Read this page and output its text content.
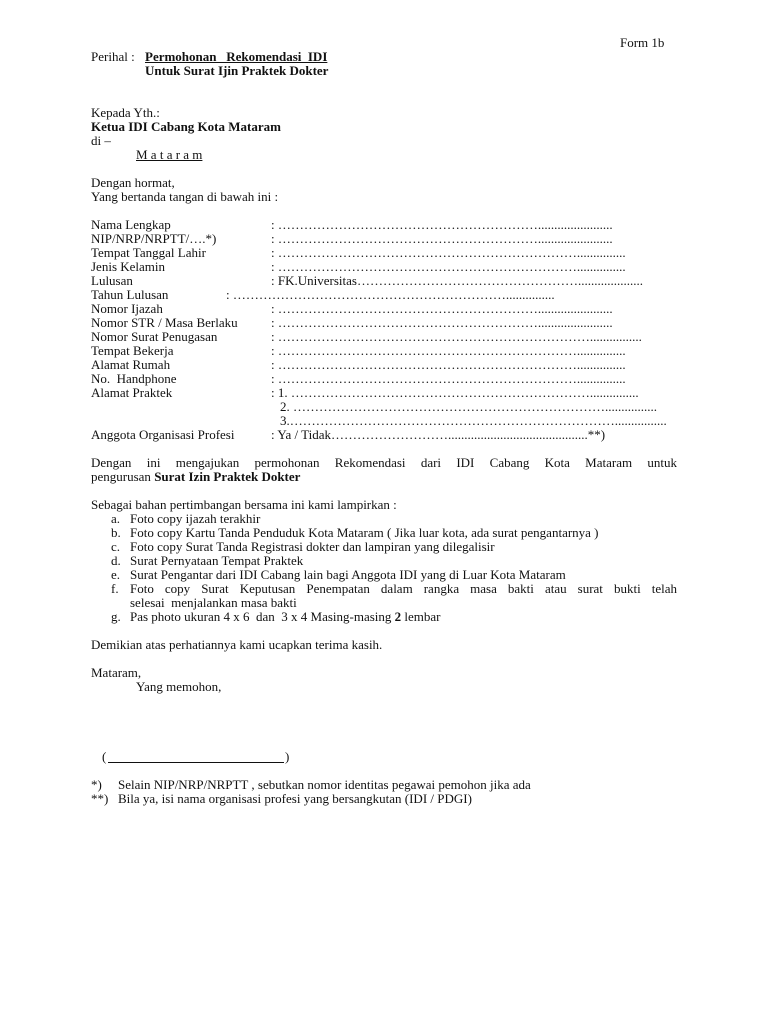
Form 1b
Perihal : Permohonan   Rekomendasi  IDI
Untuk Surat Ijin Praktek Dokter
Kepada Yth.:
Ketua IDI Cabang Kota Mataram
di –
M a t a r a m
Dengan hormat,
Yang bertanda tangan di bawah ini :
Nama Lengkap	: …………………………………………………….......................
NIP/NRP/NRPTT/….*)	: …………………………………………………….......................
Tempat Tanggal Lahir	: ……………………………………………………………...............
Jenis Kelamin	: ……………………………………………………………...............
Lulusan	: FK.Universitas……………………………………………....................
Tahun Lulusan	: ………………………………………………………...............
Nomor Ijazah	: …………………………………………………….......................
Nomor STR / Masa Berlaku	: …………………………………………………….......................
Nomor Surat Penugasan	: ………………………………………………………………................
Tempat Bekerja	: ……………………………………………………………...............
Alamat Rumah	: ……………………………………………………………...............
No.  Handphone	: ……………………………………………………………...............
Alamat Praktek	: 1. ……………………………………………………………...............
2. ………………………………………………………………................
3.…………………………………………………………………................
Anggota Organisasi Profesi	: Ya / Tidak………………………...........................................**)
Dengan ini mengajukan permohonan Rekomendasi dari IDI Cabang Kota Mataram untuk
pengurusan Surat Izin Praktek Dokter
Sebagai bahan pertimbangan bersama ini kami lampirkan :
a. Foto copy ijazah terakhir
b. Foto copy Kartu Tanda Penduduk Kota Mataram ( Jika luar kota, ada surat pengantarnya )
c. Foto copy Surat Tanda Registrasi dokter dan lampiran yang dilegalisir
d. Surat Pernyataan Tempat Praktek
e. Surat Pengantar dari IDI Cabang lain bagi Anggota IDI yang di Luar Kota Mataram
f. Foto copy Surat Keputusan Penempatan dalam rangka masa bakti atau surat bukti telah
selesai  menjalankan masa bakti
g. Pas photo ukuran 4 x 6  dan  3 x 4 Masing-masing 2 lembar
Demikian atas perhatiannya kami ucapkan terima kasih.
Mataram,
Yang memohon,
(	)
*) Selain NIP/NRP/NRPTT , sebutkan nomor identitas pegawai pemohon jika ada
**) Bila ya, isi nama organisasi profesi yang bersangkutan (IDI / PDGI)
